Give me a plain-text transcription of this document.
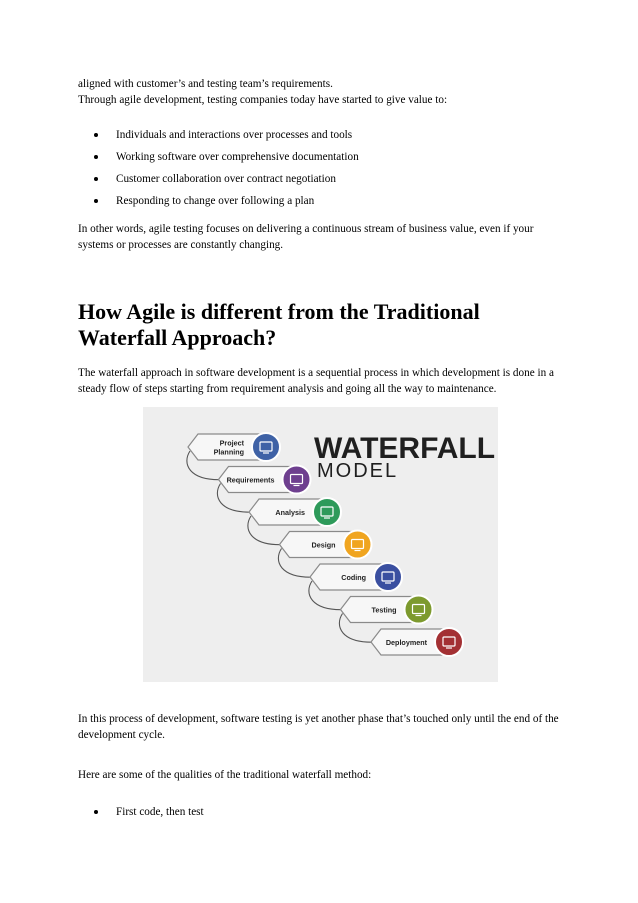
aligned with customer’s and testing team’s requirements.

Through agile development, testing companies today have started to give value to:

Individuals and interactions over processes and tools
Working software over comprehensive documentation
Customer collaboration over contract negotiation
Responding to change over following a plan

In other words, agile testing focuses on delivering a continuous stream of business value, even if your systems or processes are constantly changing.

How Agile is different from the Traditional Waterfall Approach?

The waterfall approach in software development is a sequential process in which development is done in a steady flow of steps starting from requirement analysis and going all the way to maintenance.

WATERFALL
MODEL
Project
Planning
Requirements
Analysis
Design
Coding
Testing
Deployment

In this process of development, software testing is yet another phase that’s touched only until the end of the development cycle.

Here are some of the qualities of the traditional waterfall method:

First code, then test
